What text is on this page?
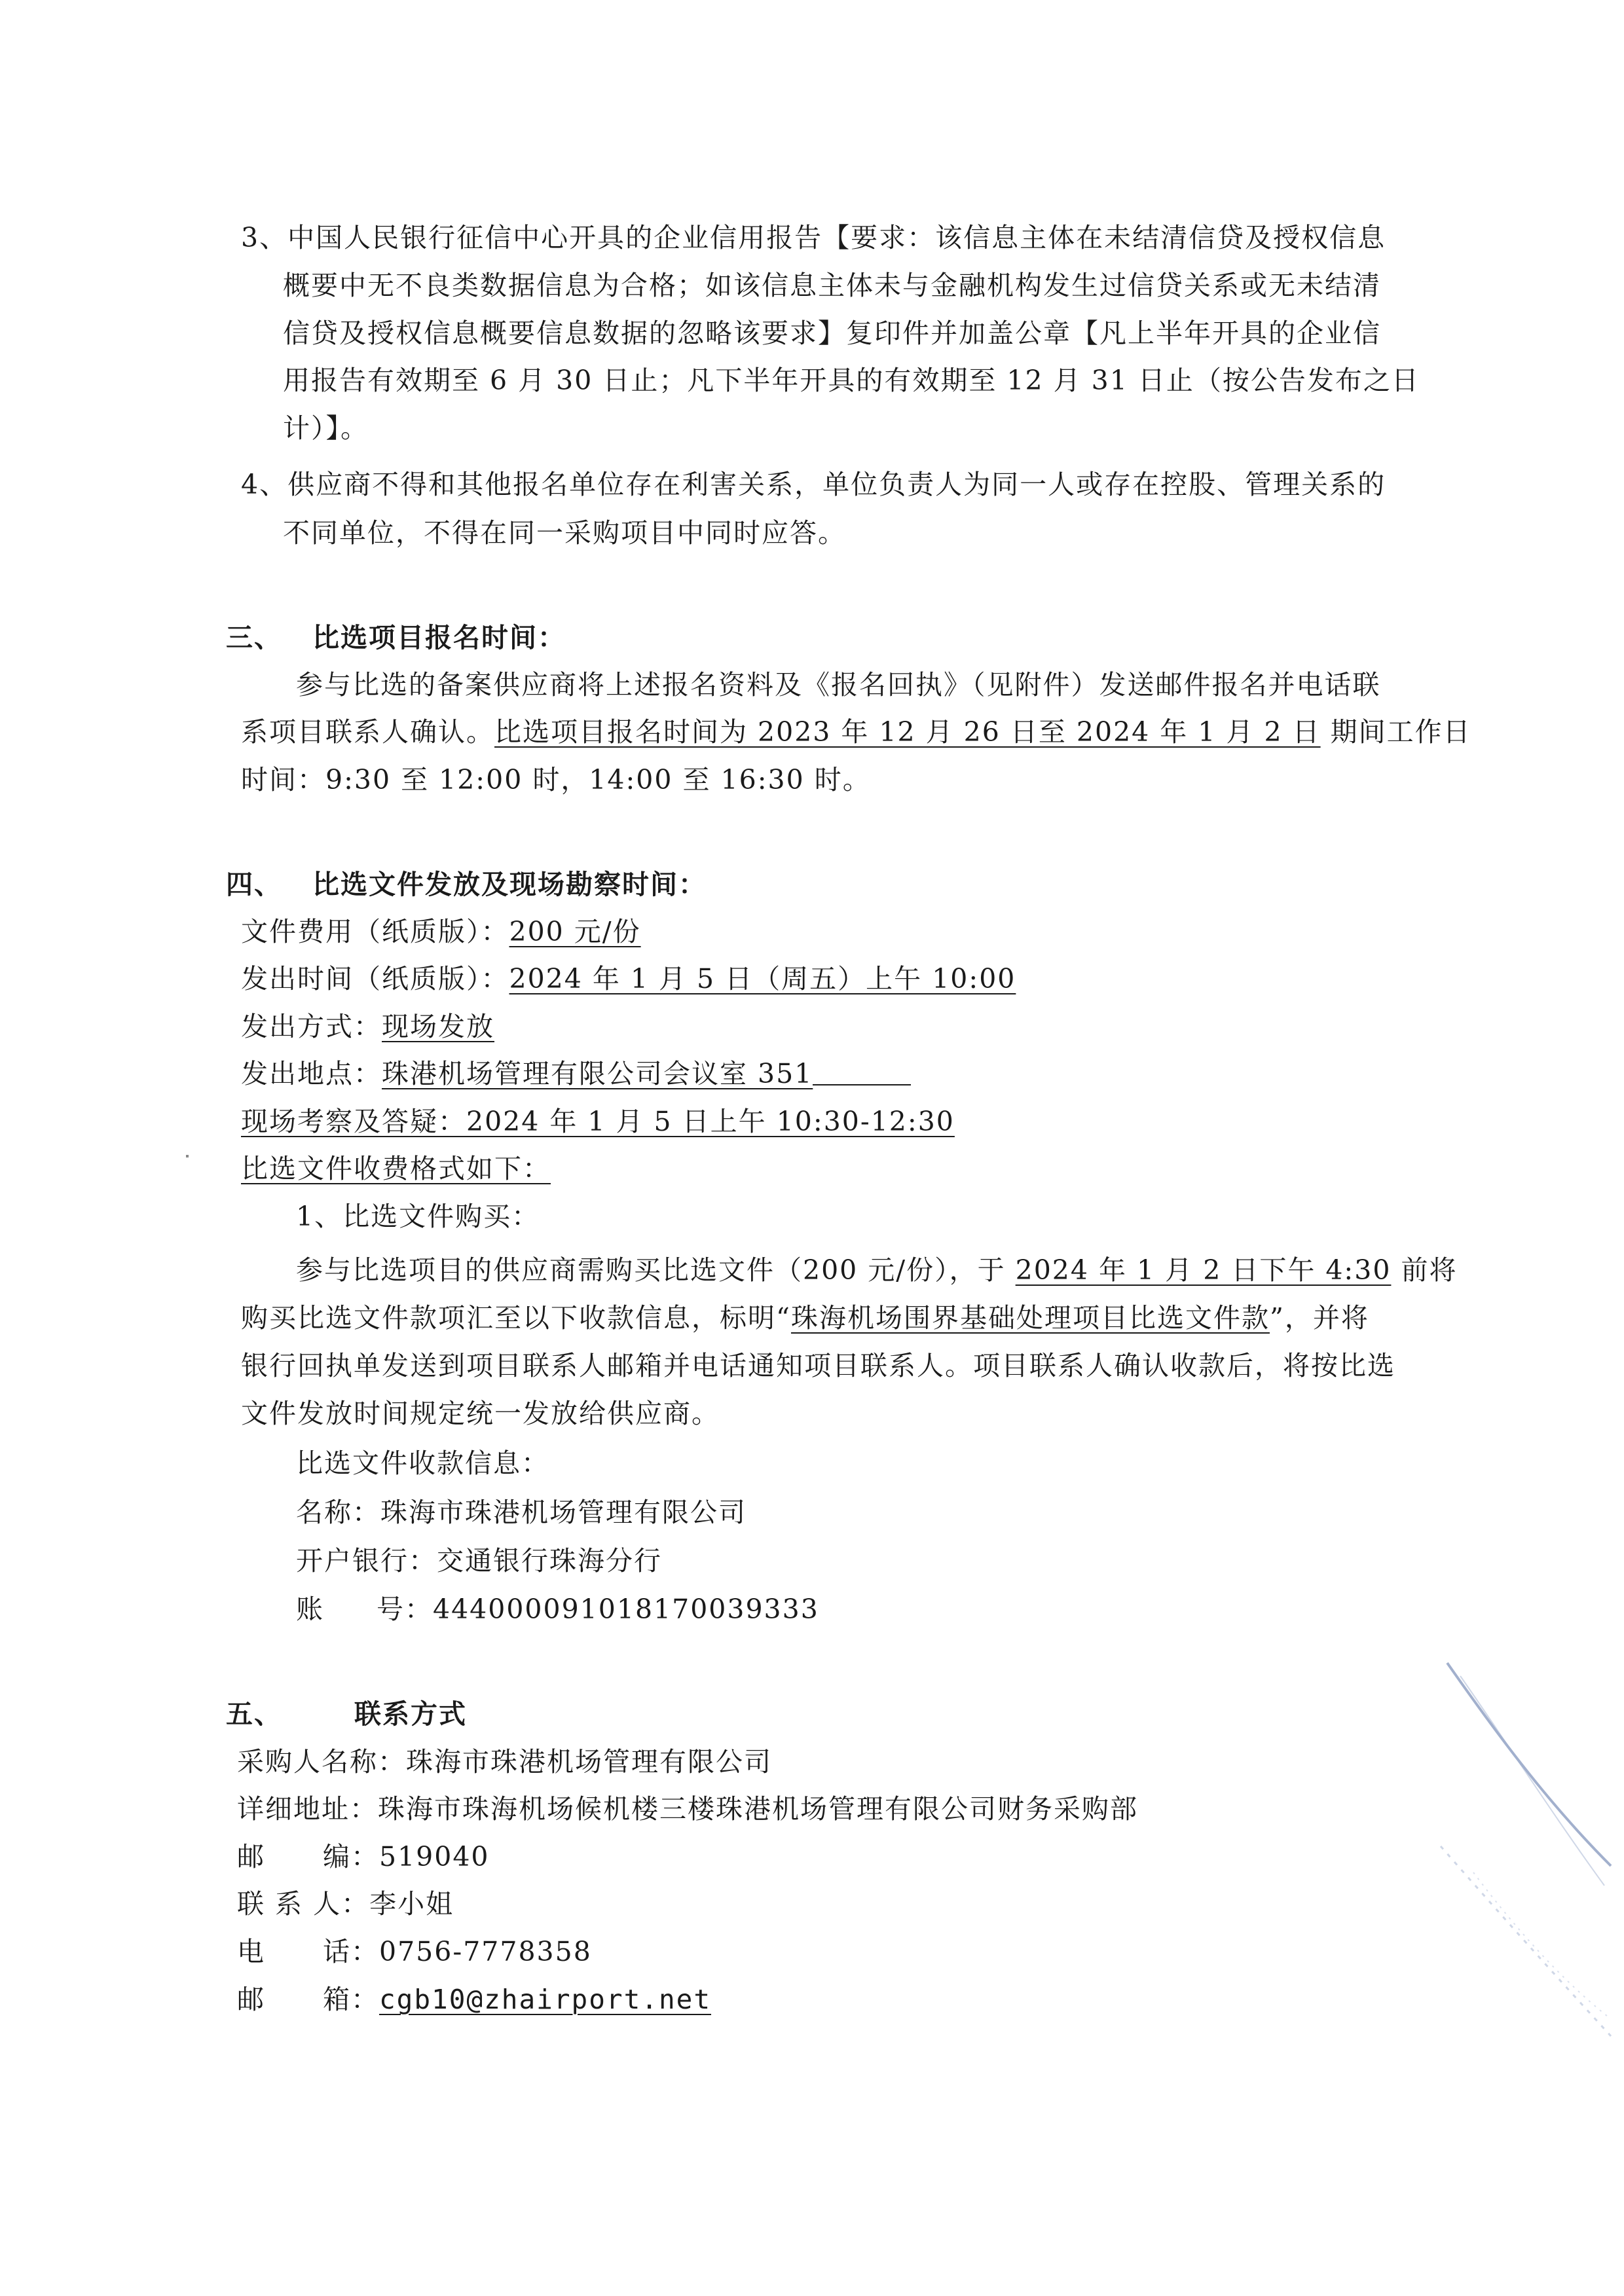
3、中国人民银行征信中心开具的企业信用报告【要求：该信息主体在未结清信贷及授权信息
概要中无不良类数据信息为合格；如该信息主体未与金融机构发生过信贷关系或无未结清
信贷及授权信息概要信息数据的忽略该要求】复印件并加盖公章【凡上半年开具的企业信
用报告有效期至 6 月 30 日止；凡下半年开具的有效期至 12 月 31 日止（按公告发布之日
计）】。
4、供应商不得和其他报名单位存在利害关系，单位负责人为同一人或存在控股、管理关系的
不同单位，不得在同一采购项目中同时应答。
三、 比选项目报名时间：
参与比选的备案供应商将上述报名资料及《报名回执》（见附件）发送邮件报名并电话联
系项目联系人确认。比选项目报名时间为 2023 年 12 月 26 日至 2024 年 1 月 2 日 期间工作日
时间：9:30 至 12:00 时，14:00 至 16:30 时。
四、 比选文件发放及现场勘察时间：
文件费用（纸质版）：200 元/份
发出时间（纸质版）：2024 年 1 月 5 日（周五）上午 10:00
发出方式：现场发放
发出地点：珠港机场管理有限公司会议室 351
现场考察及答疑：2024 年 1 月 5 日上午 10:30-12:30
比选文件收费格式如下：
1、比选文件购买：
参与比选项目的供应商需购买比选文件（200 元/份），于 2024 年 1 月 2 日下午 4:30 前将
购买比选文件款项汇至以下收款信息，标明“珠海机场围界基础处理项目比选文件款”，并将
银行回执单发送到项目联系人邮箱并电话通知项目联系人。项目联系人确认收款后，将按比选
文件发放时间规定统一发放给供应商。
比选文件收款信息：
名称：珠海市珠港机场管理有限公司
开户银行：交通银行珠海分行
账 号：444000091018170039333
五、	联系方式
采购人名称：珠海市珠港机场管理有限公司
详细地址：珠海市珠海机场候机楼三楼珠港机场管理有限公司财务采购部
邮 编：519040
联 系 人：李小姐
电 话：0756-7778358
邮 箱：cgb10@zhairport.net
